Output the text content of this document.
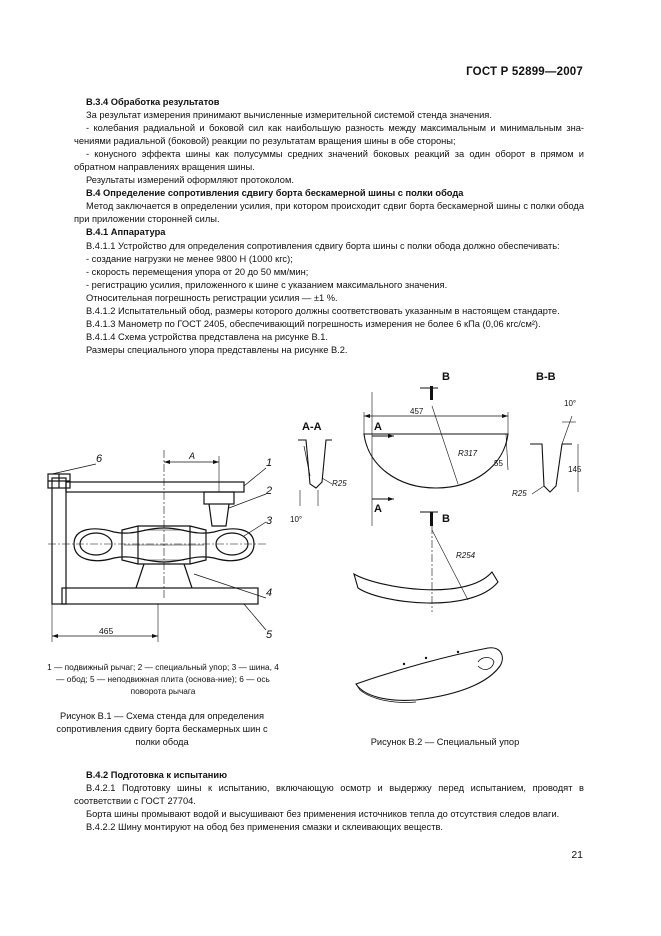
ГОСТ Р 52899—2007

В.3.4 Обработка результатов

За результат измерения принимают вычисленные измерительной системой стенда значения.

- колебания радиальной и боковой сил как наибольшую разность между максимальным и минимальным зна-чениями радиальной (боковой) реакции по результатам вращения шины в обе стороны;

- конусного эффекта шины как полусуммы средних значений боковых реакций за один оборот в прямом и обратном направлениях вращения шины.

Результаты измерений оформляют протоколом.

В.4 Определение сопротивления сдвигу борта бескамерной шины с полки обода

Метод заключается в определении усилия, при котором происходит сдвиг борта бескамерной шины с полки обода при приложении сторонней силы.

В.4.1 Аппаратура

В.4.1.1 Устройство для определения сопротивления сдвигу борта шины с полки обода должно обеспечивать:

- создание нагрузки не менее 9800 Н (1000 кгс);

- скорость перемещения упора от 20 до 50 мм/мин;

- регистрацию усилия, приложенного к шине с указанием максимального значения.

Относительная погрешность регистрации усилия — ±1 %.

В.4.1.2 Испытательный обод, размеры которого должны соответствовать указанным в настоящем стандарте.

В.4.1.3 Манометр по ГОСТ 2405, обеспечивающий погрешность измерения не более 6 кПа (0,06 кгс/см²).

В.4.1.4 Схема устройства представлена на рисунке В.1.

Размеры специального упора представлены на рисунке В.2.

6	1
2
3
4
5
А
465
1 — подвижный рычаг; 2 — специальный упор; 3 — шина, 4 — обод; 5 — неподвижная плита (основа-ние); 6 — ось поворота рычага
Рисунок В.1 — Схема стенда для определения сопротивления сдвигу борта бескамерных шин с полки обода
А-А
10°
R25
В
В
А
А
457
R317
55
В-В
10°
145
R25
R254
Рисунок В.2 — Специальный упор

В.4.2 Подготовка к испытанию

В.4.2.1 Подготовку шины к испытанию, включающую осмотр и выдержку перед испытанием, проводят в соответствии с ГОСТ 27704.

Борта шины промывают водой и высушивают без применения источников тепла до отсутствия следов влаги.

В.4.2.2 Шину монтируют на обод без применения смазки и склеивающих веществ.

21
